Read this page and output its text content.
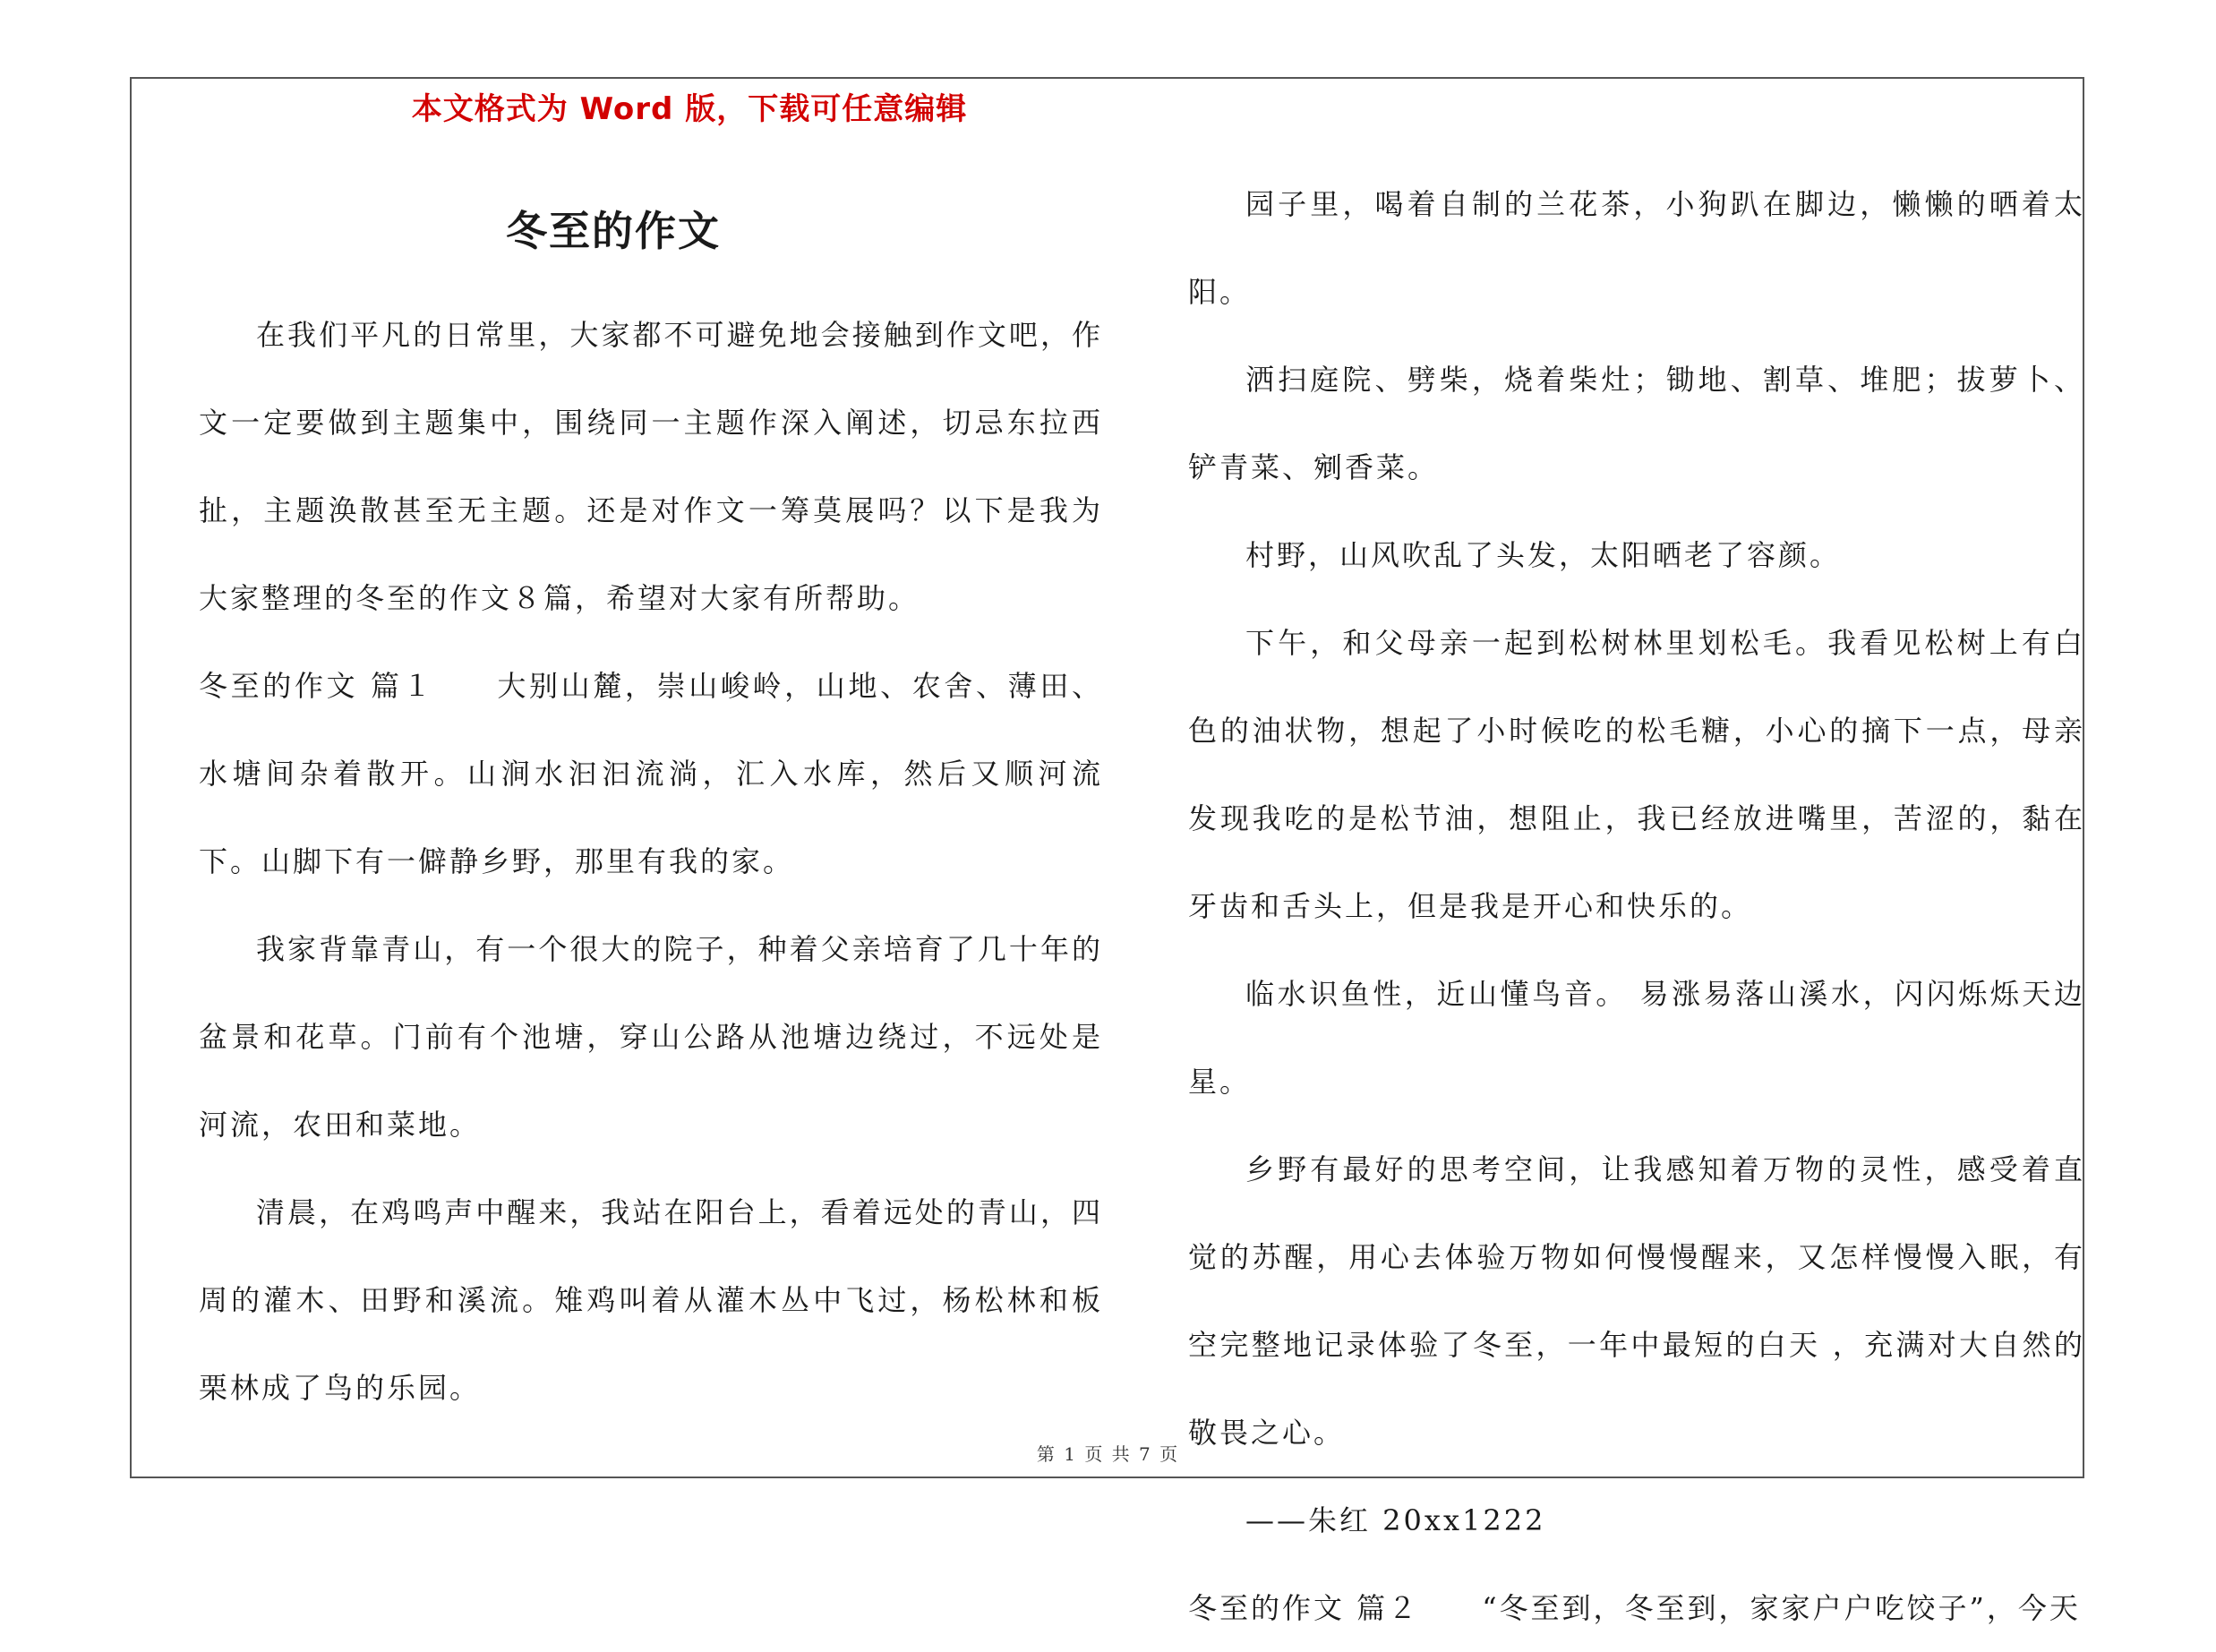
本文格式为 Word 版，下载可任意编辑
冬至的作文

在我们平凡的日常里，大家都不可避免地会接触到作文吧，作文一定要做到主题集中，围绕同一主题作深入阐述，切忌东拉西扯，主题涣散甚至无主题。还是对作文一筹莫展吗？以下是我为大家整理的冬至的作文８篇，希望对大家有所帮助。

冬至的作文 篇１ 大别山麓，崇山峻岭，山地、农舍、薄田、水塘间杂着散开。山涧水汩汩流淌，汇入水库，然后又顺河流下。山脚下有一僻静乡野，那里有我的家。

我家背靠青山，有一个很大的院子，种着父亲培育了几十年的盆景和花草。门前有个池塘，穿山公路从池塘边绕过，不远处是河流，农田和菜地。

清晨，在鸡鸣声中醒来，我站在阳台上，看着远处的青山，四周的灌木、田野和溪流。雉鸡叫着从灌木丛中飞过，杨松林和板栗林成了鸟的乐园。

园子里，喝着自制的兰花茶，小狗趴在脚边，懒懒的晒着太阳。

洒扫庭院、劈柴，烧着柴灶；锄地、割草、堆肥；拔萝卜、铲青菜、剜香菜。

村野，山风吹乱了头发，太阳晒老了容颜。

下午，和父母亲一起到松树林里划松毛。我看见松树上有白色的油状物，想起了小时候吃的松毛糖，小心的摘下一点，母亲发现我吃的是松节油，想阻止，我已经放进嘴里，苦涩的，黏在牙齿和舌头上，但是我是开心和快乐的。

临水识鱼性，近山懂鸟音。 易涨易落山溪水，闪闪烁烁天边星。

乡野有最好的思考空间，让我感知着万物的灵性，感受着直觉的苏醒，用心去体验万物如何慢慢醒来，又怎样慢慢入眠，有空完整地记录体验了冬至，一年中最短的白天 ，充满对大自然的敬畏之心。

——朱红 20xx1222

冬至的作文 篇２ “冬至到，冬至到，家家户户吃饺子”，今天

第 1 页 共 7 页
